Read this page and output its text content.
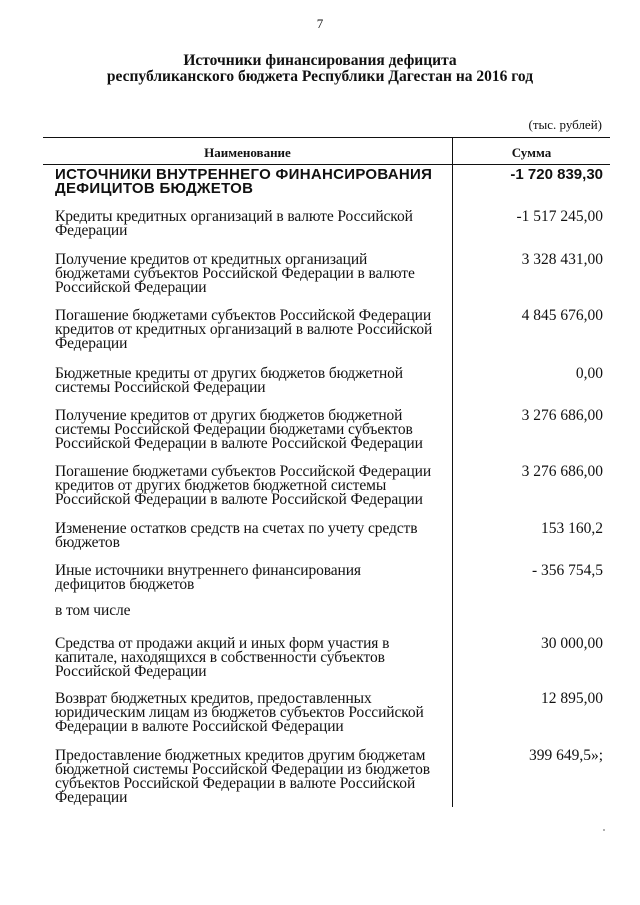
7
Источники финансирования дефицита
республиканского бюджета Республики Дагестан на 2016 год
(тыс. рублей)
Наименование	Сумма
ИСТОЧНИКИ ВНУТРЕННЕГО ФИНАНСИРОВАНИЯ ДЕФИЦИТОВ БЮДЖЕТОВ
-1 720 839,30
Кредиты кредитных организаций в валюте Российской Федерации
-1 517 245,00
Получение кредитов от кредитных организаций бюджетами субъектов Российской Федерации в валюте Российской Федерации
3 328 431,00
Погашение бюджетами субъектов Российской Федерации кредитов от кредитных организаций в валюте Российской Федерации
4 845 676,00
Бюджетные кредиты от других бюджетов бюджетной системы Российской Федерации
0,00
Получение кредитов от других бюджетов бюджетной системы Российской Федерации бюджетами субъектов Российской Федерации в валюте Российской Федерации
3 276 686,00
Погашение бюджетами субъектов Российской Федерации кредитов от других бюджетов бюджетной системы Российской Федерации в валюте Российской Федерации
3 276 686,00
Изменение остатков средств на счетах по учету средств бюджетов
153 160,2
Иные источники внутреннего финансирования дефицитов бюджетов
- 356 754,5
в том числе
Средства от продажи акций и иных форм участия в капитале, находящихся в собственности субъектов Российской Федерации
30 000,00
Возврат бюджетных кредитов, предоставленных юридическим лицам из бюджетов субъектов Российской Федерации в валюте Российской Федерации
12 895,00
Предоставление бюджетных кредитов другим бюджетам бюджетной системы Российской Федерации из бюджетов субъектов Российской Федерации в валюте Российской Федерации
399 649,5»;
